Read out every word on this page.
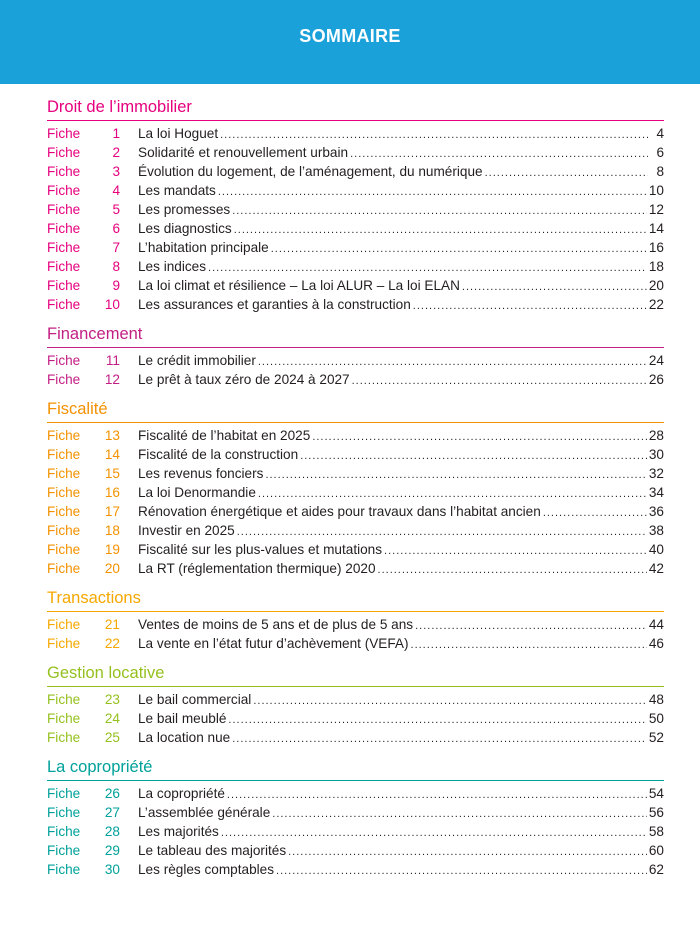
SOMMAIRE
Droit de l’immobilier
Fiche	1 La loi Hoguet .....	4
Fiche	2 Solidarité et renouvellement urbain .....	6
Fiche	3 Évolution du logement, de l’aménagement, du numérique .....	8
Fiche	4 Les mandats .....	10
Fiche	5 Les promesses .....	12
Fiche	6 Les diagnostics .....	14
Fiche	7 L’habitation principale .....	16
Fiche	8 Les indices .....	18
Fiche	9 La loi climat et résilience – La loi ALUR – La loi ELAN .....	20
Fiche	10 Les assurances et garanties à la construction .....	22
Financement
Fiche	11 Le crédit immobilier .....	24
Fiche	12 Le prêt à taux zéro de 2024 à 2027 .....	26
Fiscalité
Fiche	13 Fiscalité de l’habitat en 2025 .....	28
Fiche	14 Fiscalité de la construction .....	30
Fiche	15 Les revenus fonciers .....	32
Fiche	16 La loi Denormandie .....	34
Fiche	17 Rénovation énergétique et aides pour travaux dans l’habitat ancien .....	36
Fiche	18 Investir en 2025 .....	38
Fiche	19 Fiscalité sur les plus-values et mutations .....	40
Fiche	20 La RT (réglementation thermique) 2020 .....	42
Transactions
Fiche	21 Ventes de moins de 5 ans et de plus de 5 ans .....	44
Fiche	22 La vente en l’état futur d’achèvement (VEFA) .....	46
Gestion locative
Fiche	23 Le bail commercial .....	48
Fiche	24 Le bail meublé .....	50
Fiche	25 La location nue .....	52
La copropriété
Fiche	26 La copropriété .....	54
Fiche	27 L’assemblée générale .....	56
Fiche	28 Les majorités .....	58
Fiche	29 Le tableau des majorités .....	60
Fiche	30 Les règles comptables .....	62
